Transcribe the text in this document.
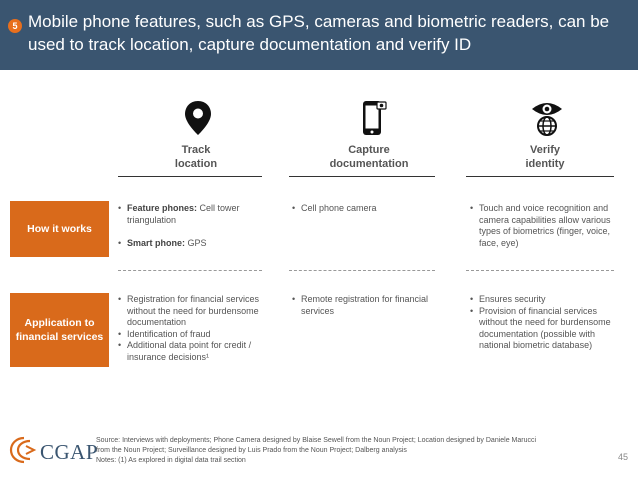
5 Mobile phone features, such as GPS, cameras and biometric readers, can be used to track location, capture documentation and verify ID
Track
location
Capture
documentation
Verify
identity
How it works
• Feature phones: Cell tower triangulation
• Smart phone: GPS
• Cell phone camera
•	Touch and voice recognition and camera capabilities allow various types of biometrics (finger, voice, face, eye)
Application to financial services
• Registration for financial services without the need for burdensome documentation
• Identification of fraud
• Additional data point for credit / insurance decisions¹
• Remote registration for financial services
• Ensures security
• Provision of financial services without the need for burdensome documentation (possible with national biometric database)
CGAP
Source: Interviews with deployments; Phone Camera designed by Blaise Sewell from the Noun Project; Location designed by Daniele Marucci
from the Noun Project; Surveillance designed by Luis Prado from the Noun Project; Dalberg analysis
Notes: (1) As explored in digital data trail section	45
